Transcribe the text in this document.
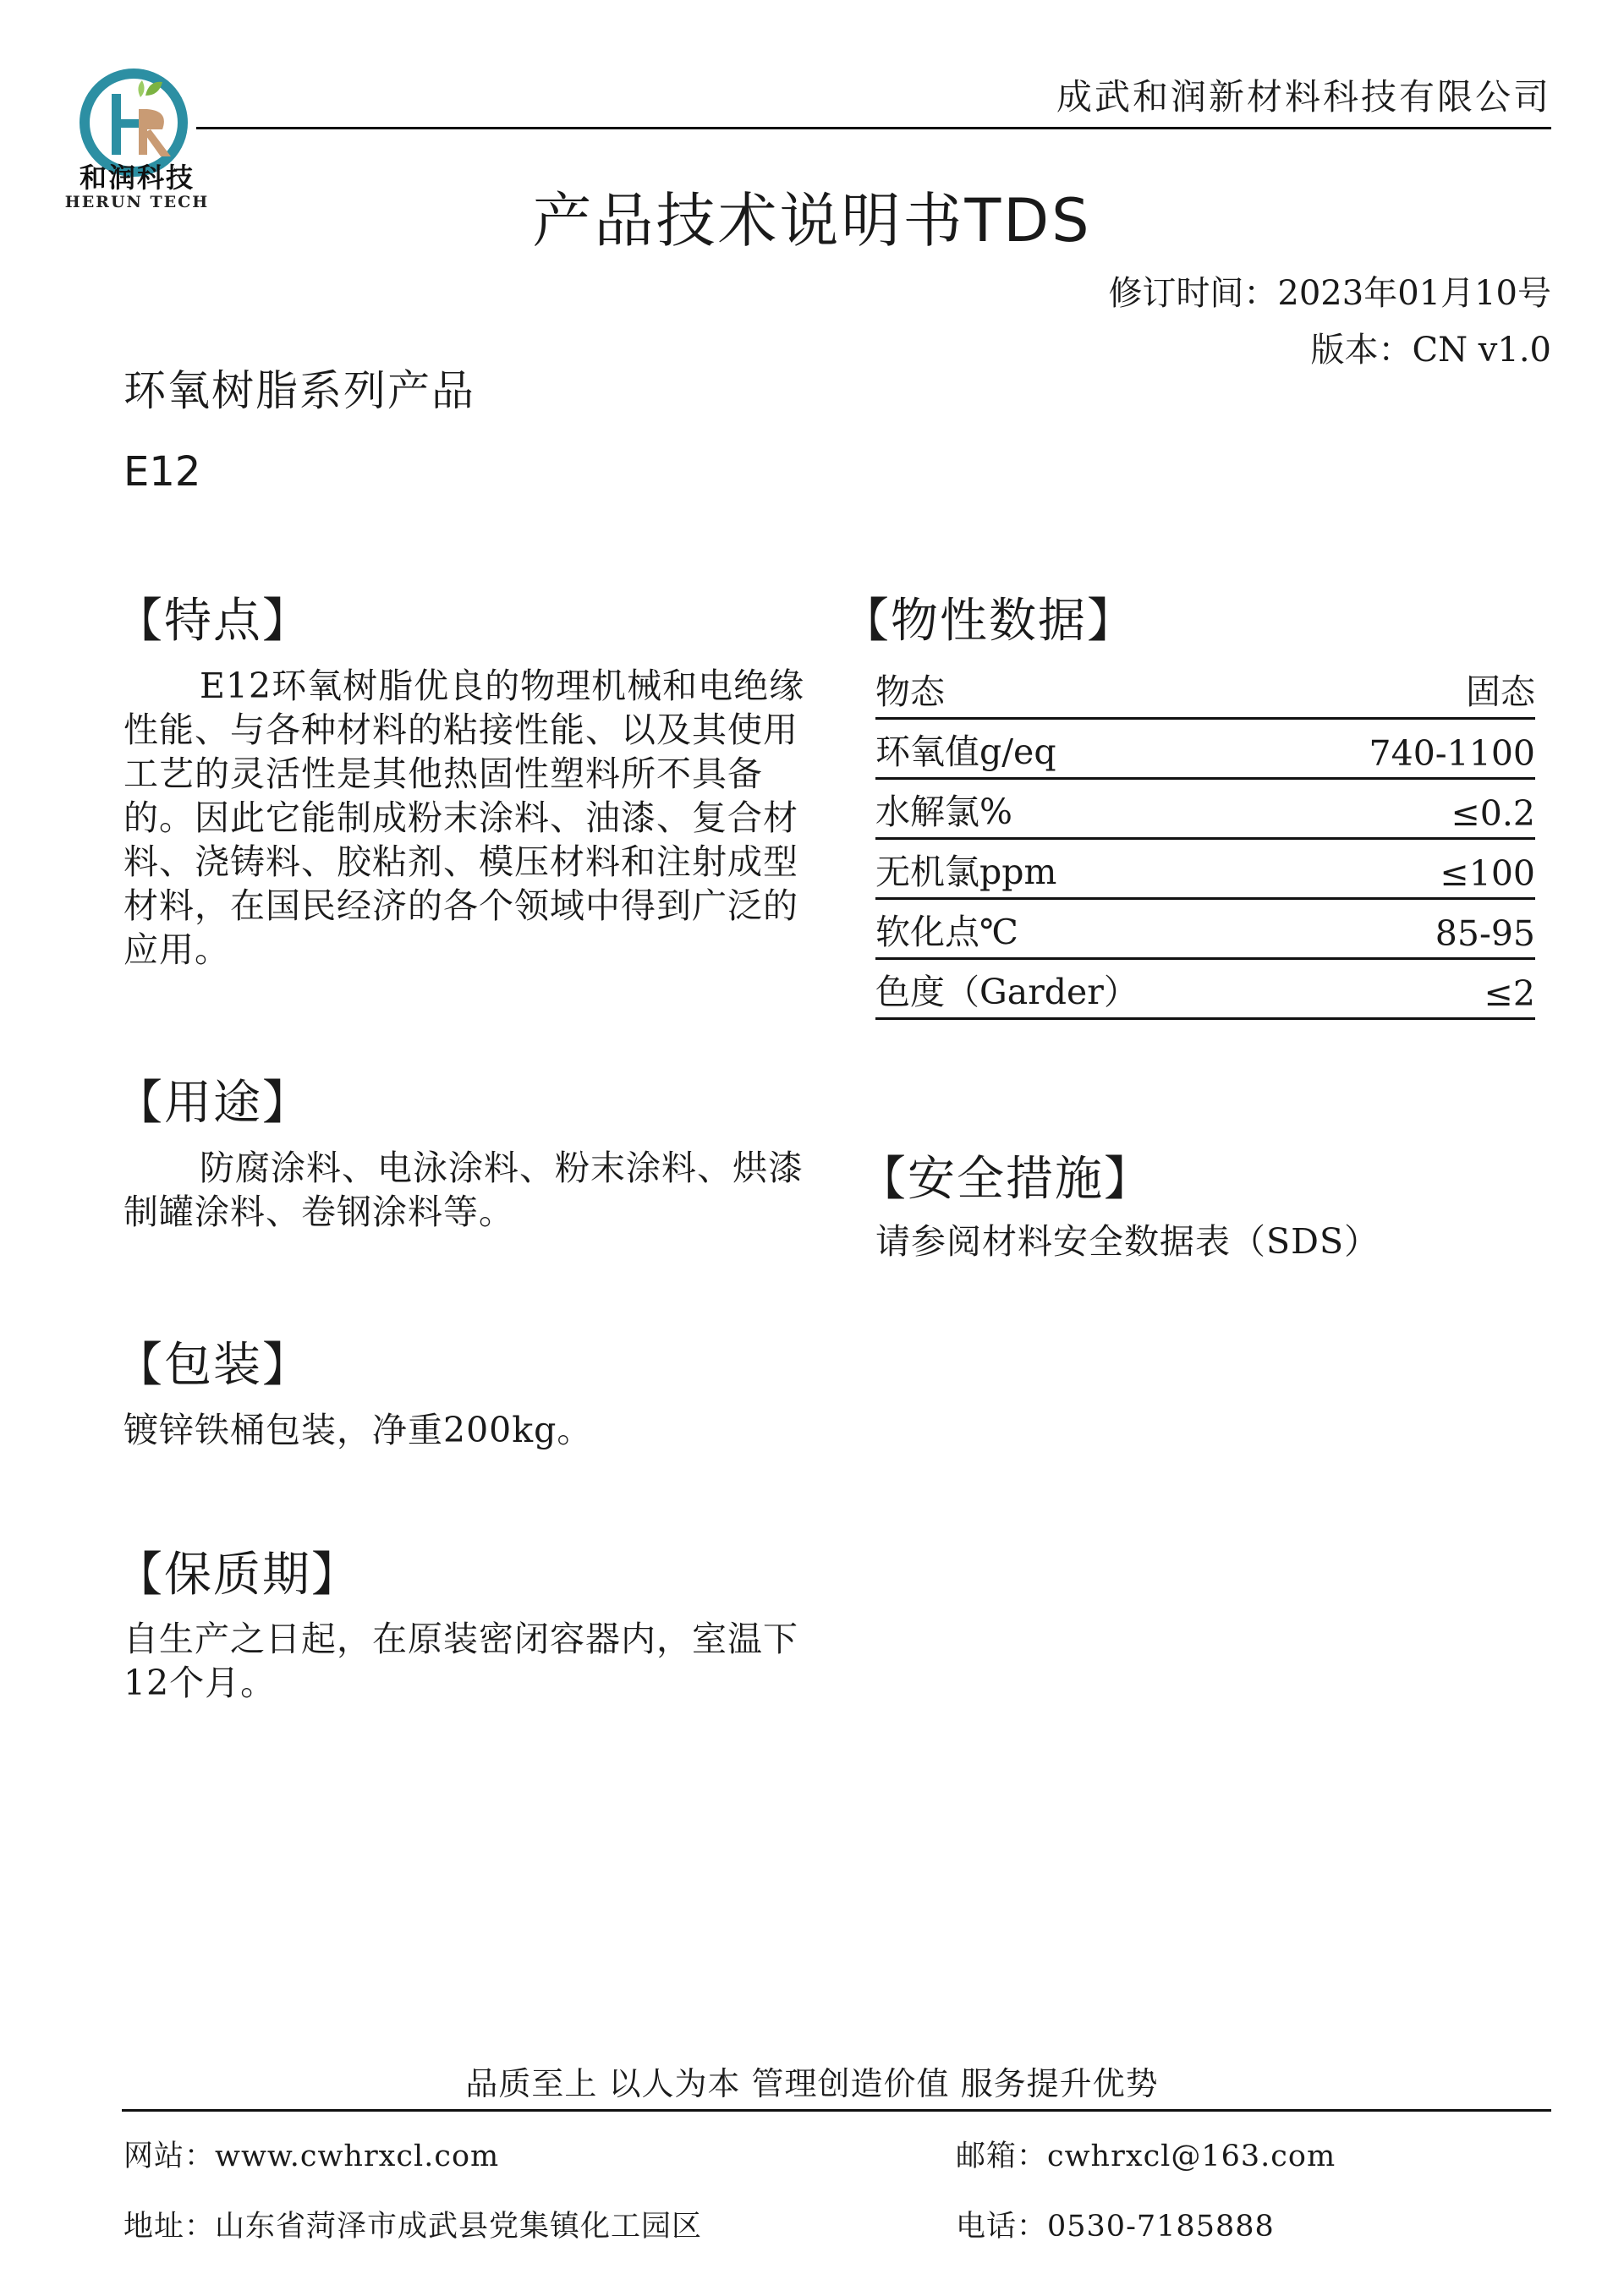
和润科技
HERUN TECH
成武和润新材料科技有限公司
产品技术说明书TDS
修订时间：2023年01月10号
版本：CN v1.0
环氧树脂系列产品
E12
【特点】
E12环氧树脂优良的物理机械和电绝缘性能、与各种材料的粘接性能、以及其使用工艺的灵活性是其他热固性塑料所不具备的。因此它能制成粉末涂料、油漆、复合材料、浇铸料、胶粘剂、模压材料和注射成型材料，在国民经济的各个领域中得到广泛的应用。
【物性数据】
物态	固态
环氧值g/eq	740-1100
水解氯%	≤0.2
无机氯ppm	≤100
软化点℃	85-95
色度（Garder）	≤2
【用途】
防腐涂料、电泳涂料、粉末涂料、烘漆制罐涂料、卷钢涂料等。
【安全措施】
请参阅材料安全数据表（SDS）
【包装】
镀锌铁桶包装，净重200kg。
【保质期】
自生产之日起，在原装密闭容器内，室温下12个月。
品质至上 以人为本 管理创造价值 服务提升优势
网站：www.cwhrxcl.com	邮箱：cwhrxcl@163.com
地址：山东省菏泽市成武县党集镇化工园区	电话：0530-7185888
